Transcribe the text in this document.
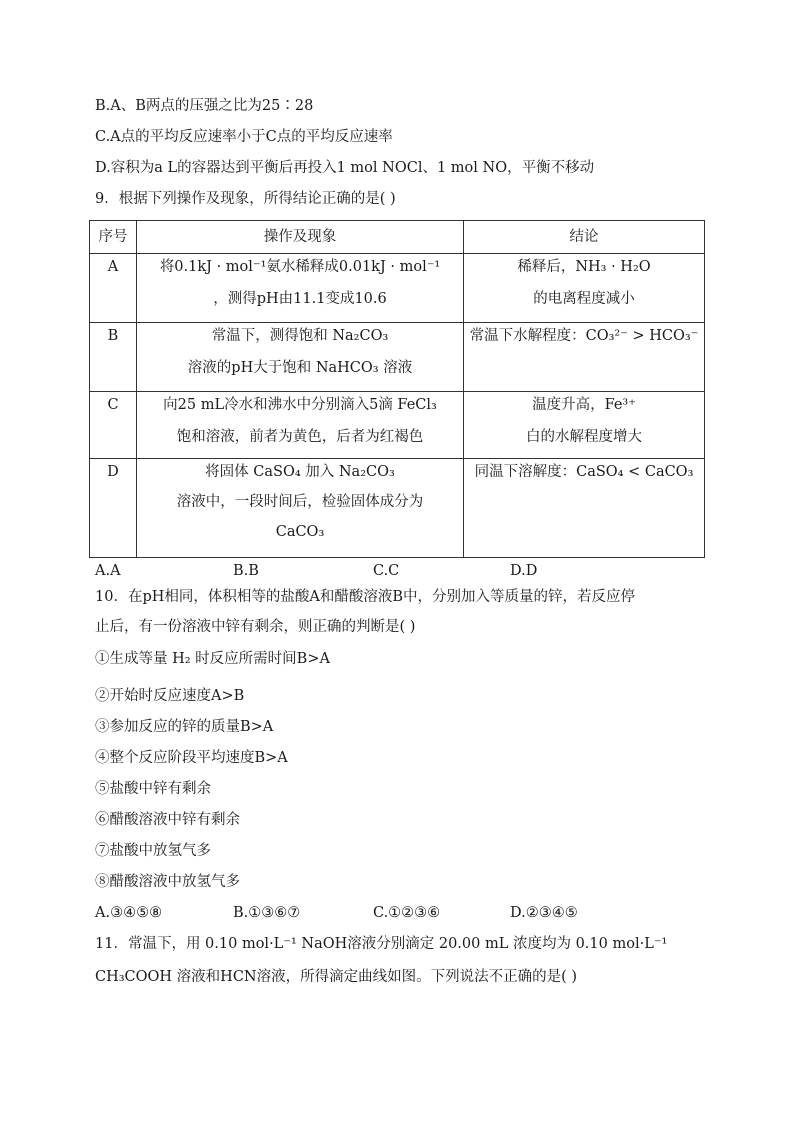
B.A、B两点的压强之比为25∶28
C.A点的平均反应速率小于C点的平均反应速率
D.容积为a L的容器达到平衡后再投入1 mol NOCl、1 mol NO，平衡不移动
9．根据下列操作及现象，所得结论正确的是( )
序号	操作及现象	结论
A	将0.1kJ · mol⁻¹氨水稀释成0.01kJ · mol⁻¹
，测得pH由11.1变成10.6	稀释后，NH₃ · H₂O
的电离程度减小

B	常温下，测得饱和 Na₂CO₃
溶液的pH大于饱和 NaHCO₃ 溶液	常温下水解程度：CO₃²⁻ > HCO₃⁻

C	向25 mL冷水和沸水中分别滴入5滴 FeCl₃
饱和溶液，前者为黄色，后者为红褐色	温度升高，Fe³⁺
白的水解程度增大

D	将固体 CaSO₄ 加入 Na₂CO₃
溶液中，一段时间后，检验固体成分为
CaCO₃	同温下溶解度：CaSO₄ < CaCO₃
A.A	B.B	C.C	D.D
10．在pH相同，体积相等的盐酸A和醋酸溶液B中，分别加入等质量的锌，若反应停
止后，有一份溶液中锌有剩余，则正确的判断是( )
①生成等量 H₂ 时反应所需时间B>A
②开始时反应速度A>B
③参加反应的锌的质量B>A
④整个反应阶段平均速度B>A
⑤盐酸中锌有剩余
⑥醋酸溶液中锌有剩余
⑦盐酸中放氢气多
⑧醋酸溶液中放氢气多
A.③④⑤⑧	B.①③⑥⑦	C.①②③⑥	D.②③④⑤
11．常温下，用 0.10 mol·L⁻¹ NaOH溶液分别滴定 20.00 mL 浓度均为 0.10 mol·L⁻¹
CH₃COOH 溶液和HCN溶液，所得滴定曲线如图。下列说法不正确的是( )
